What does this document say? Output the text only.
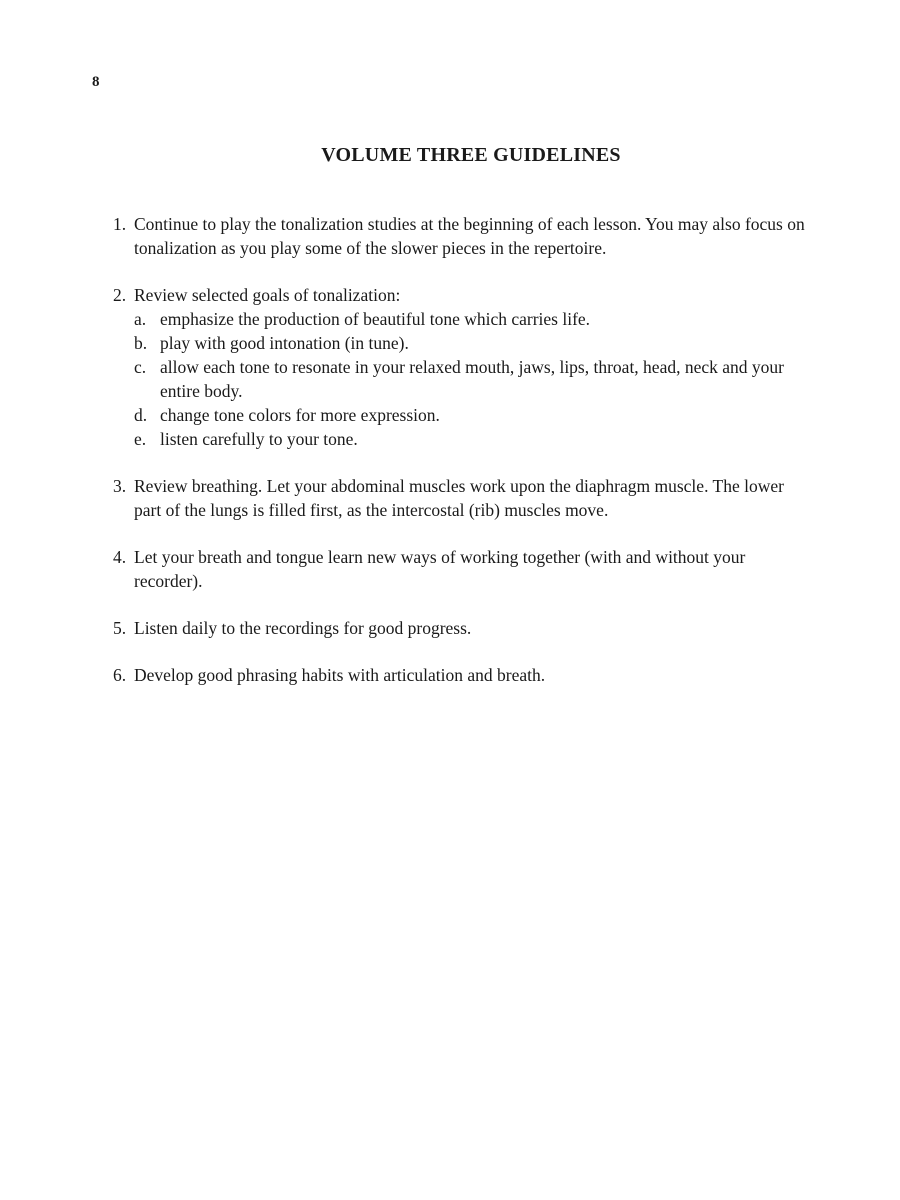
8
VOLUME THREE GUIDELINES
1. Continue to play the tonalization studies at the beginning of each lesson. You may also focus on tonalization as you play some of the slower pieces in the repertoire.
2. Review selected goals of tonalization:
a. emphasize the production of beautiful tone which carries life.
b. play with good intonation (in tune).
c. allow each tone to resonate in your relaxed mouth, jaws, lips, throat, head, neck and your entire body.
d. change tone colors for more expression.
e. listen carefully to your tone.
3. Review breathing. Let your abdominal muscles work upon the diaphragm muscle. The lower part of the lungs is filled first, as the intercostal (rib) muscles move.
4. Let your breath and tongue learn new ways of working together (with and without your recorder).
5. Listen daily to the recordings for good progress.
6. Develop good phrasing habits with articulation and breath.
